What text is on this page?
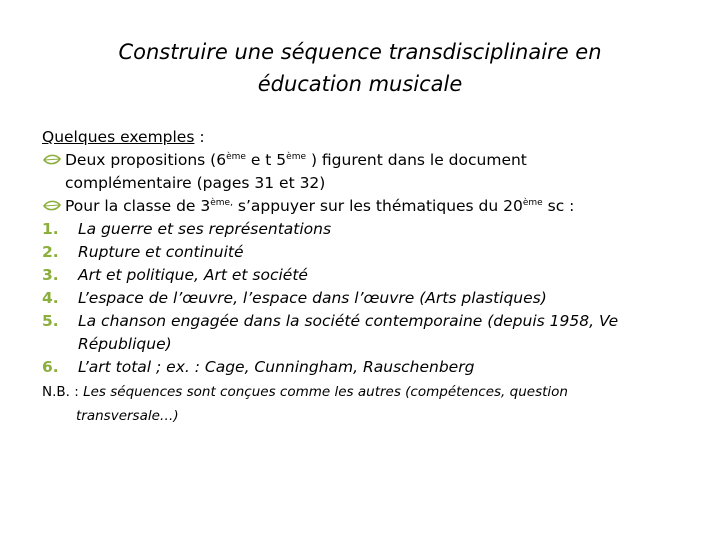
Construire une séquence transdisciplinaire en
éducation musicale
Quelques exemples :
Deux propositions (6ème e t 5ème ) figurent dans le document
complémentaire (pages 31 et 32)
Pour la classe de $3^{ème,}$ s’appuyer sur les thématiques du 20ème sc :
1.	La guerre et ses représentations
2.	Rupture et continuité
3.	Art et politique, Art et société
4.	L’espace de l’œuvre, l’espace dans l’œuvre (Arts plastiques)
5.	La chanson engagée dans la société contemporaine (depuis 1958, Ve
République)
6.	L’art total ; ex. : Cage, Cunningham, Rauschenberg
N.B. : Les séquences sont conçues comme les autres (compétences, question
transversale…)
